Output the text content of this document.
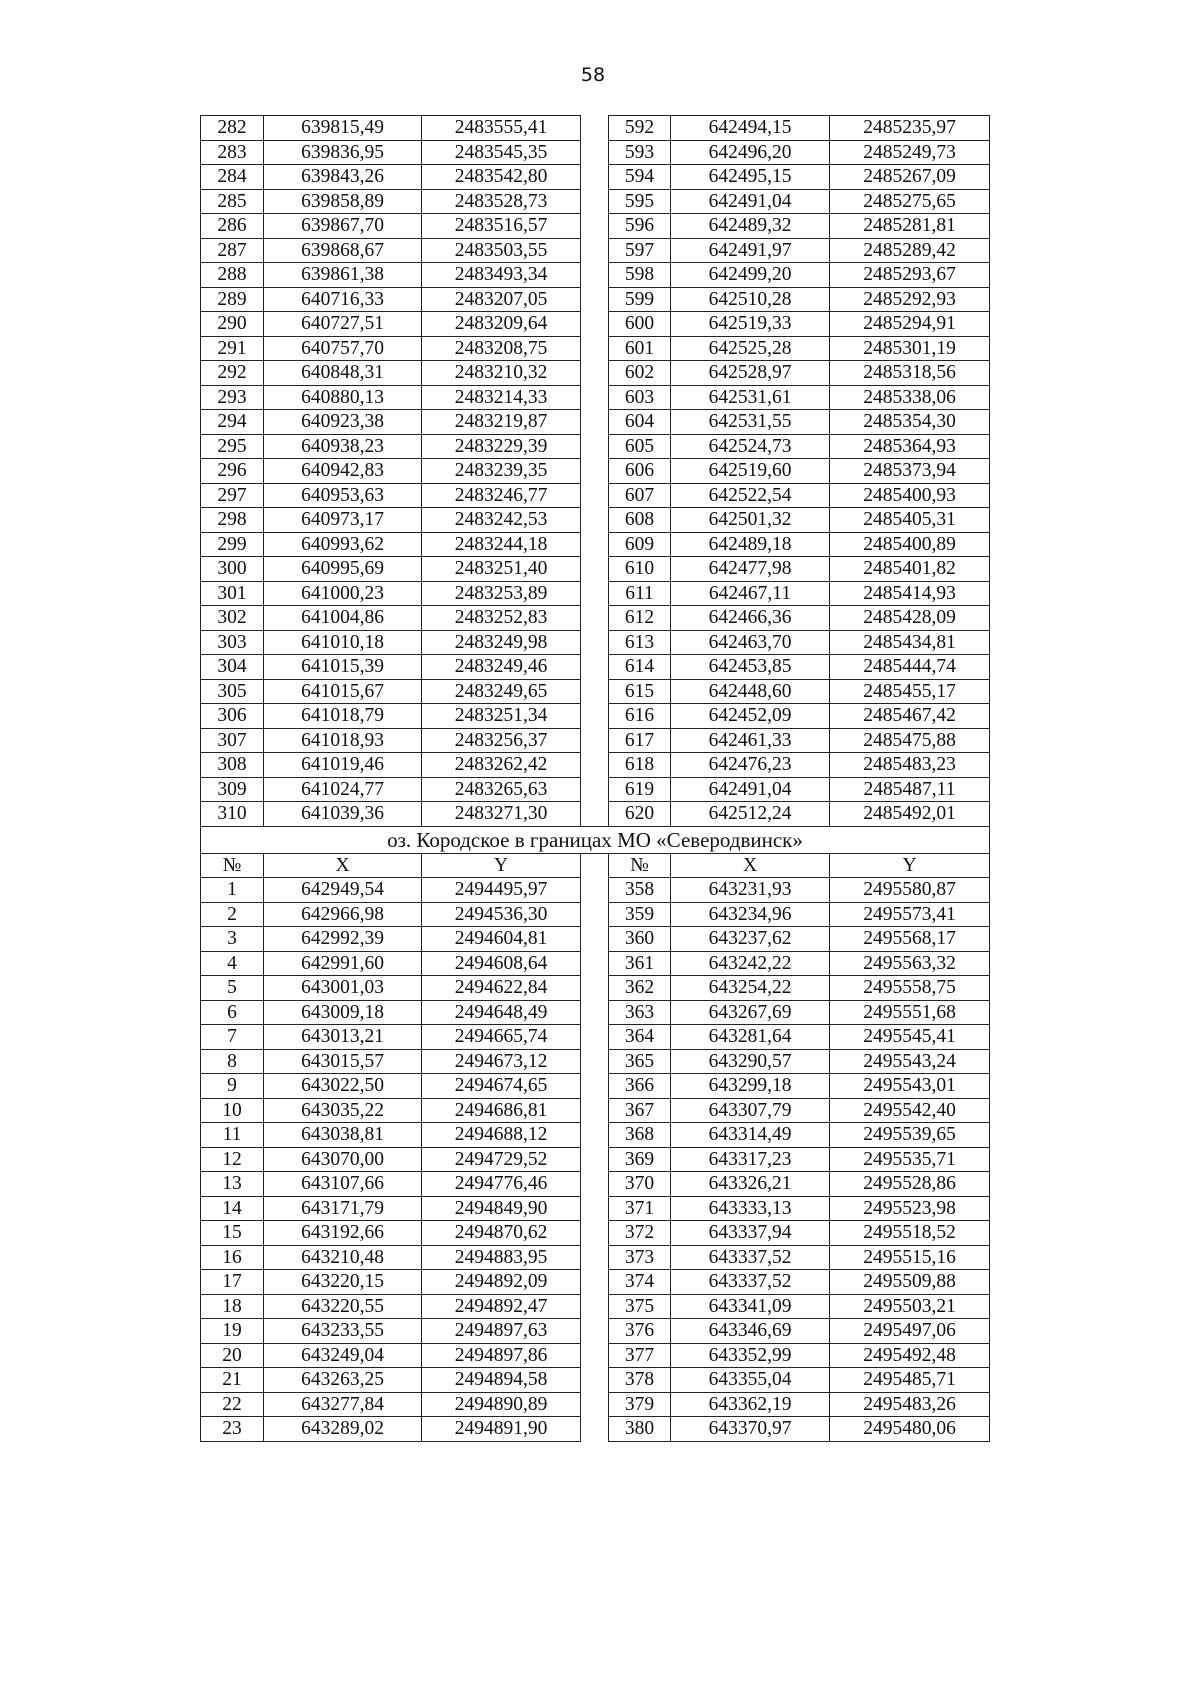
58
282	639815,49	2483555,41		592	642494,15	2485235,97
283	639836,95	2483545,35		593	642496,20	2485249,73
284	639843,26	2483542,80		594	642495,15	2485267,09
285	639858,89	2483528,73		595	642491,04	2485275,65
286	639867,70	2483516,57		596	642489,32	2485281,81
287	639868,67	2483503,55		597	642491,97	2485289,42
288	639861,38	2483493,34		598	642499,20	2485293,67
289	640716,33	2483207,05		599	642510,28	2485292,93
290	640727,51	2483209,64		600	642519,33	2485294,91
291	640757,70	2483208,75		601	642525,28	2485301,19
292	640848,31	2483210,32		602	642528,97	2485318,56
293	640880,13	2483214,33		603	642531,61	2485338,06
294	640923,38	2483219,87		604	642531,55	2485354,30
295	640938,23	2483229,39		605	642524,73	2485364,93
296	640942,83	2483239,35		606	642519,60	2485373,94
297	640953,63	2483246,77		607	642522,54	2485400,93
298	640973,17	2483242,53		608	642501,32	2485405,31
299	640993,62	2483244,18		609	642489,18	2485400,89
300	640995,69	2483251,40		610	642477,98	2485401,82
301	641000,23	2483253,89		611	642467,11	2485414,93
302	641004,86	2483252,83		612	642466,36	2485428,09
303	641010,18	2483249,98		613	642463,70	2485434,81
304	641015,39	2483249,46		614	642453,85	2485444,74
305	641015,67	2483249,65		615	642448,60	2485455,17
306	641018,79	2483251,34		616	642452,09	2485467,42
307	641018,93	2483256,37		617	642461,33	2485475,88
308	641019,46	2483262,42		618	642476,23	2485483,23
309	641024,77	2483265,63		619	642491,04	2485487,11
310	641039,36	2483271,30		620	642512,24	2485492,01
оз. Кородское в границах МО «Северодвинск»						
№	X	Y		№	X	Y
1	642949,54	2494495,97		358	643231,93	2495580,87
2	642966,98	2494536,30		359	643234,96	2495573,41
3	642992,39	2494604,81		360	643237,62	2495568,17
4	642991,60	2494608,64		361	643242,22	2495563,32
5	643001,03	2494622,84		362	643254,22	2495558,75
6	643009,18	2494648,49		363	643267,69	2495551,68
7	643013,21	2494665,74		364	643281,64	2495545,41
8	643015,57	2494673,12		365	643290,57	2495543,24
9	643022,50	2494674,65		366	643299,18	2495543,01
10	643035,22	2494686,81		367	643307,79	2495542,40
11	643038,81	2494688,12		368	643314,49	2495539,65
12	643070,00	2494729,52		369	643317,23	2495535,71
13	643107,66	2494776,46		370	643326,21	2495528,86
14	643171,79	2494849,90		371	643333,13	2495523,98
15	643192,66	2494870,62		372	643337,94	2495518,52
16	643210,48	2494883,95		373	643337,52	2495515,16
17	643220,15	2494892,09		374	643337,52	2495509,88
18	643220,55	2494892,47		375	643341,09	2495503,21
19	643233,55	2494897,63		376	643346,69	2495497,06
20	643249,04	2494897,86		377	643352,99	2495492,48
21	643263,25	2494894,58		378	643355,04	2495485,71
22	643277,84	2494890,89		379	643362,19	2495483,26
23	643289,02	2494891,90		380	643370,97	2495480,06
